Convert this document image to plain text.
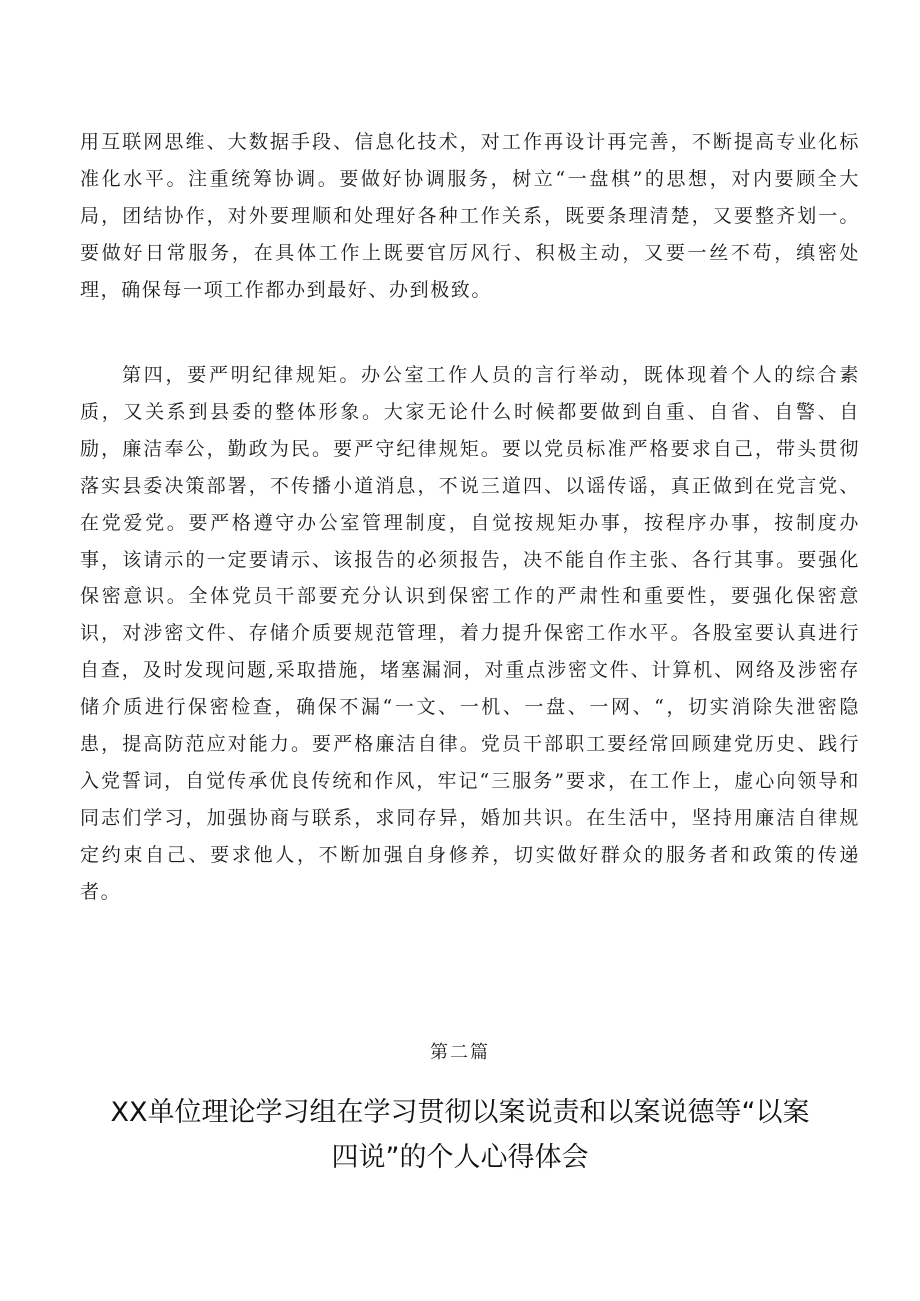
用互联网思维、大数据手段、信息化技术，对工作再设计再完善，不断提高专业化标准化水平。注重统筹协调。要做好协调服务，树立“一盘棋”的思想，对内要顾全大局，团结协作，对外要理顺和处理好各种工作关系，既要条理清楚，又要整齐划一。要做好日常服务，在具体工作上既要官厉风行、积极主动，又要一丝不苟，缜密处理，确保每一项工作都办到最好、办到极致。

第四，要严明纪律规矩。办公室工作人员的言行举动，既体现着个人的综合素质，又关系到县委的整体形象。大家无论什么时候都要做到自重、自省、自警、自励，廉洁奉公，勤政为民。要严守纪律规矩。要以党员标准严格要求自己，带头贯彻落实县委决策部署，不传播小道消息，不说三道四、以谣传谣，真正做到在党言党、在党爱党。要严格遵守办公室管理制度，自觉按规矩办事，按程序办事，按制度办事，该请示的一定要请示、该报告的必须报告，决不能自作主张、各行其事。要强化保密意识。全体党员干部要充分认识到保密工作的严肃性和重要性，要强化保密意识，对涉密文件、存储介质要规范管理，着力提升保密工作水平。各股室要认真进行自查，及时发现问题,采取措施，堵塞漏洞，对重点涉密文件、计算机、网络及涉密存储介质进行保密检查，确保不漏“一文、一机、一盘、一网、“，切实消除失泄密隐患，提高防范应对能力。要严格廉洁自律。党员干部职工要经常回顾建党历史、践行入党誓词，自觉传承优良传统和作风，牢记“三服务”要求，在工作上，虚心向领导和同志们学习，加强协商与联系，求同存异，婚加共识。在生活中，坚持用廉洁自律规定约束自己、要求他人，不断加强自身修养，切实做好群众的服务者和政策的传递者。

第二篇

XX单位理论学习组在学习贯彻以案说责和以案说德等“以案四说”的个人心得体会
